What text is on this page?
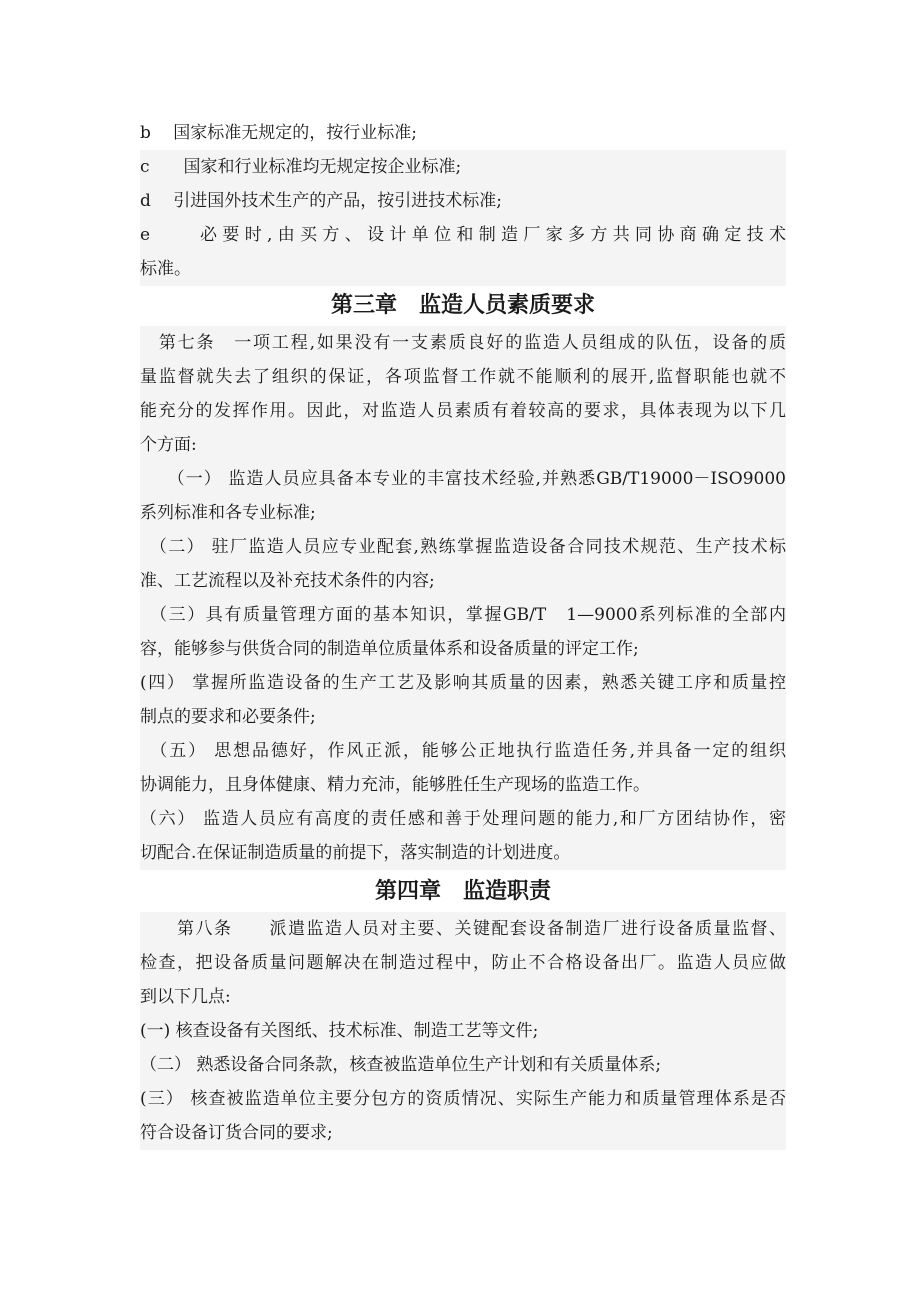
b　 国家标准无规定的，按行业标准;
c　　国家和行业标准均无规定按企业标准;
d　 引进国外技术生产的产品，按引进技术标准;
e　　必要时,由买方、设计单位和制造厂家多方共同协商确定技术
标准。
第三章　监造人员素质要求
　第七条　一项工程,如果没有一支素质良好的监造人员组成的队伍，设备的质
量监督就失去了组织的保证，各项监督工作就不能顺利的展开,监督职能也就不
能充分的发挥作用。因此，对监造人员素质有着较高的要求，具体表现为以下几
个方面:
　　（一） 监造人员应具备本专业的丰富技术经验,并熟悉GB/T19000－ISO9000
系列标准和各专业标准;
　（二） 驻厂监造人员应专业配套,熟练掌握监造设备合同技术规范、生产技术标
准、工艺流程以及补充技术条件的内容;
　（三）具有质量管理方面的基本知识，掌握GB/T　1—9000系列标准的全部内
容，能够参与供货合同的制造单位质量体系和设备质量的评定工作;
(四） 掌握所监造设备的生产工艺及影响其质量的因素，熟悉关键工序和质量控
制点的要求和必要条件;
　（五） 思想品德好，作风正派，能够公正地执行监造任务,并具备一定的组织
协调能力，且身体健康、精力充沛，能够胜任生产现场的监造工作。
（六） 监造人员应有高度的责任感和善于处理问题的能力,和厂方团结协作，密
切配合.在保证制造质量的前提下，落实制造的计划进度。
第四章　监造职责
　　第八条　　派遣监造人员对主要、关键配套设备制造厂进行设备质量监督、
检查，把设备质量问题解决在制造过程中，防止不合格设备出厂。监造人员应做
到以下几点:
(一) 核查设备有关图纸、技术标准、制造工艺等文件;
（二） 熟悉设备合同条款，核查被监造单位生产计划和有关质量体系;
(三） 核查被监造单位主要分包方的资质情况、实际生产能力和质量管理体系是否
符合设备订货合同的要求;
